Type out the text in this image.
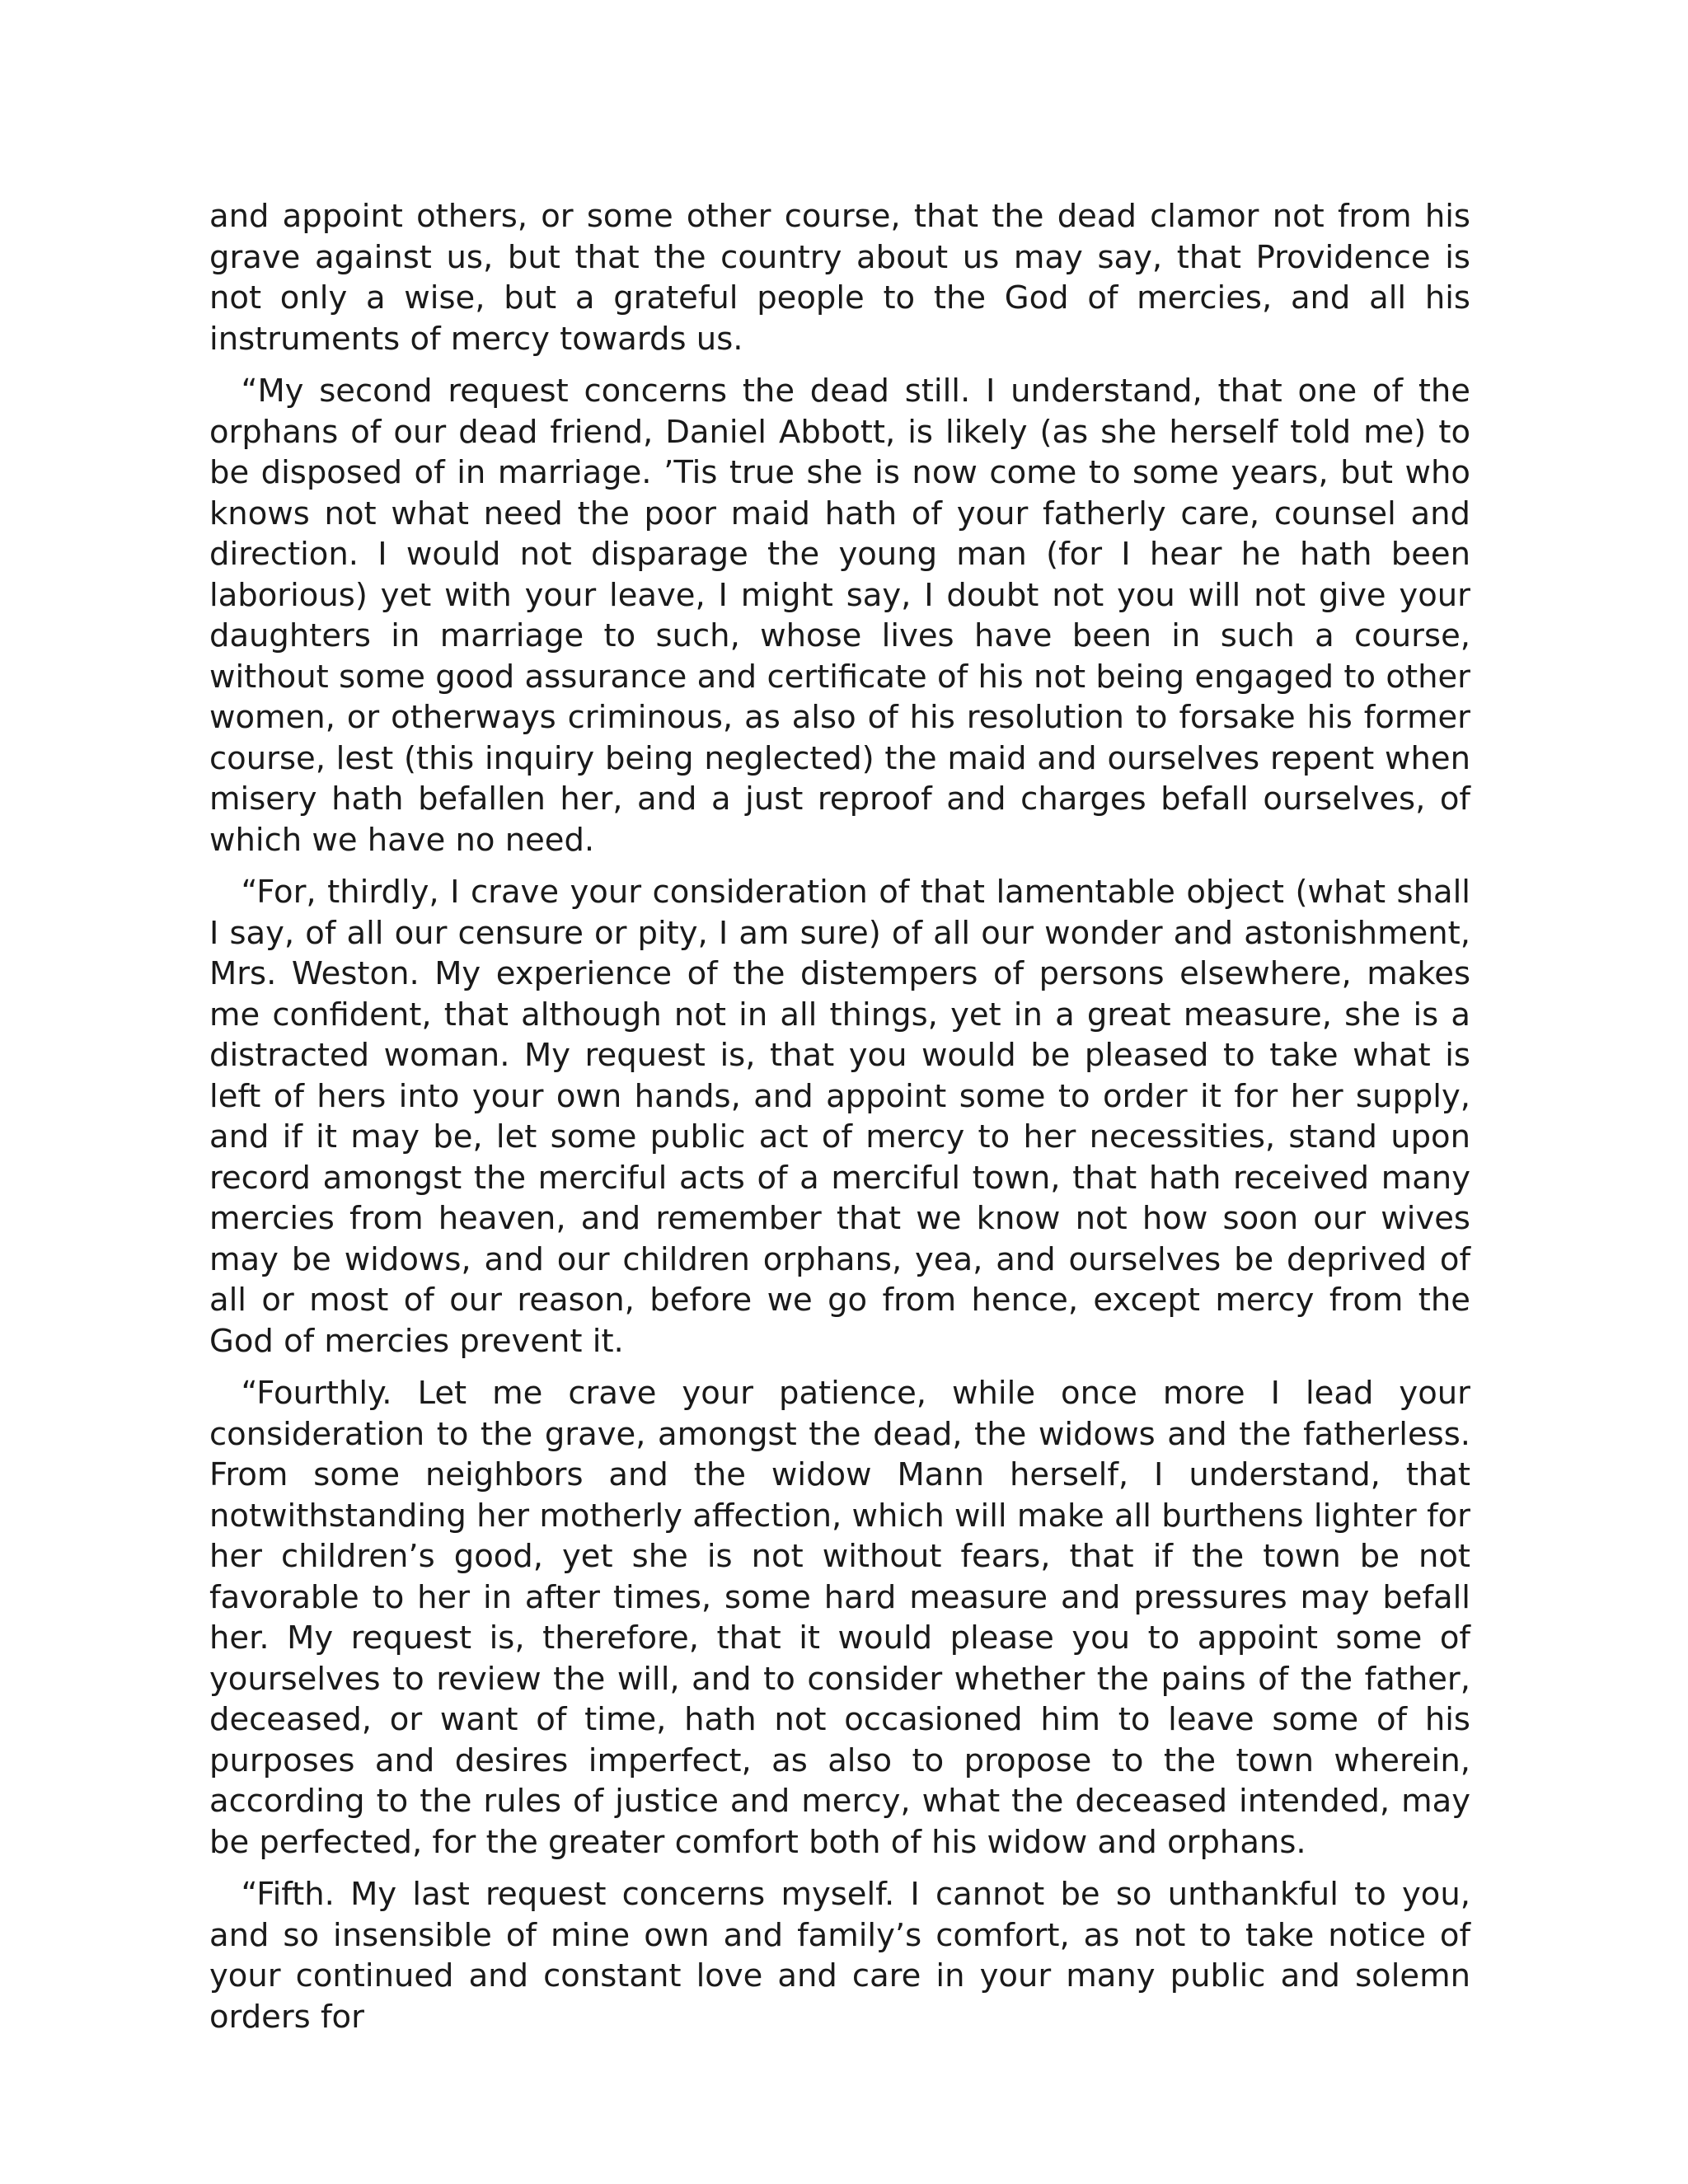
and appoint others, or some other course, that the dead clamor not from his grave against us, but that the country about us may say, that Providence is not only a wise, but a grateful people to the God of mercies, and all his instruments of mercy towards us.

“My second request concerns the dead still. I understand, that one of the orphans of our dead friend, Daniel Abbott, is likely (as she herself told me) to be disposed of in marriage. ’Tis true she is now come to some years, but who knows not what need the poor maid hath of your fatherly care, counsel and direction. I would not disparage the young man (for I hear he hath been laborious) yet with your leave, I might say, I doubt not you will not give your daughters in marriage to such, whose lives have been in such a course, without some good assurance and certificate of his not being engaged to other women, or otherways criminous, as also of his resolution to forsake his former course, lest (this inquiry being neglected) the maid and ourselves repent when misery hath befallen her, and a just reproof and charges befall ourselves, of which we have no need.

“For, thirdly, I crave your consideration of that lamentable object (what shall I say, of all our censure or pity, I am sure) of all our wonder and astonishment, Mrs. Weston. My experience of the distempers of persons elsewhere, makes me confident, that although not in all things, yet in a great measure, she is a distracted woman. My request is, that you would be pleased to take what is left of hers into your own hands, and appoint some to order it for her supply, and if it may be, let some public act of mercy to her necessities, stand upon record amongst the merciful acts of a merciful town, that hath received many mercies from heaven, and remember that we know not how soon our wives may be widows, and our children orphans, yea, and ourselves be deprived of all or most of our reason, before we go from hence, except mercy from the God of mercies prevent it.

“Fourthly. Let me crave your patience, while once more I lead your consideration to the grave, amongst the dead, the widows and the fatherless. From some neighbors and the widow Mann herself, I understand, that notwithstanding her motherly affection, which will make all burthens lighter for her children’s good, yet she is not without fears, that if the town be not favorable to her in after times, some hard measure and pressures may befall her. My request is, therefore, that it would please you to appoint some of yourselves to review the will, and to consider whether the pains of the father, deceased, or want of time, hath not occasioned him to leave some of his purposes and desires imperfect, as also to propose to the town wherein, according to the rules of justice and mercy, what the deceased intended, may be perfected, for the greater comfort both of his widow and orphans.

“Fifth. My last request concerns myself. I cannot be so unthankful to you, and so insensible of mine own and family’s comfort, as not to take notice of your continued and constant love and care in your many public and solemn orders for
